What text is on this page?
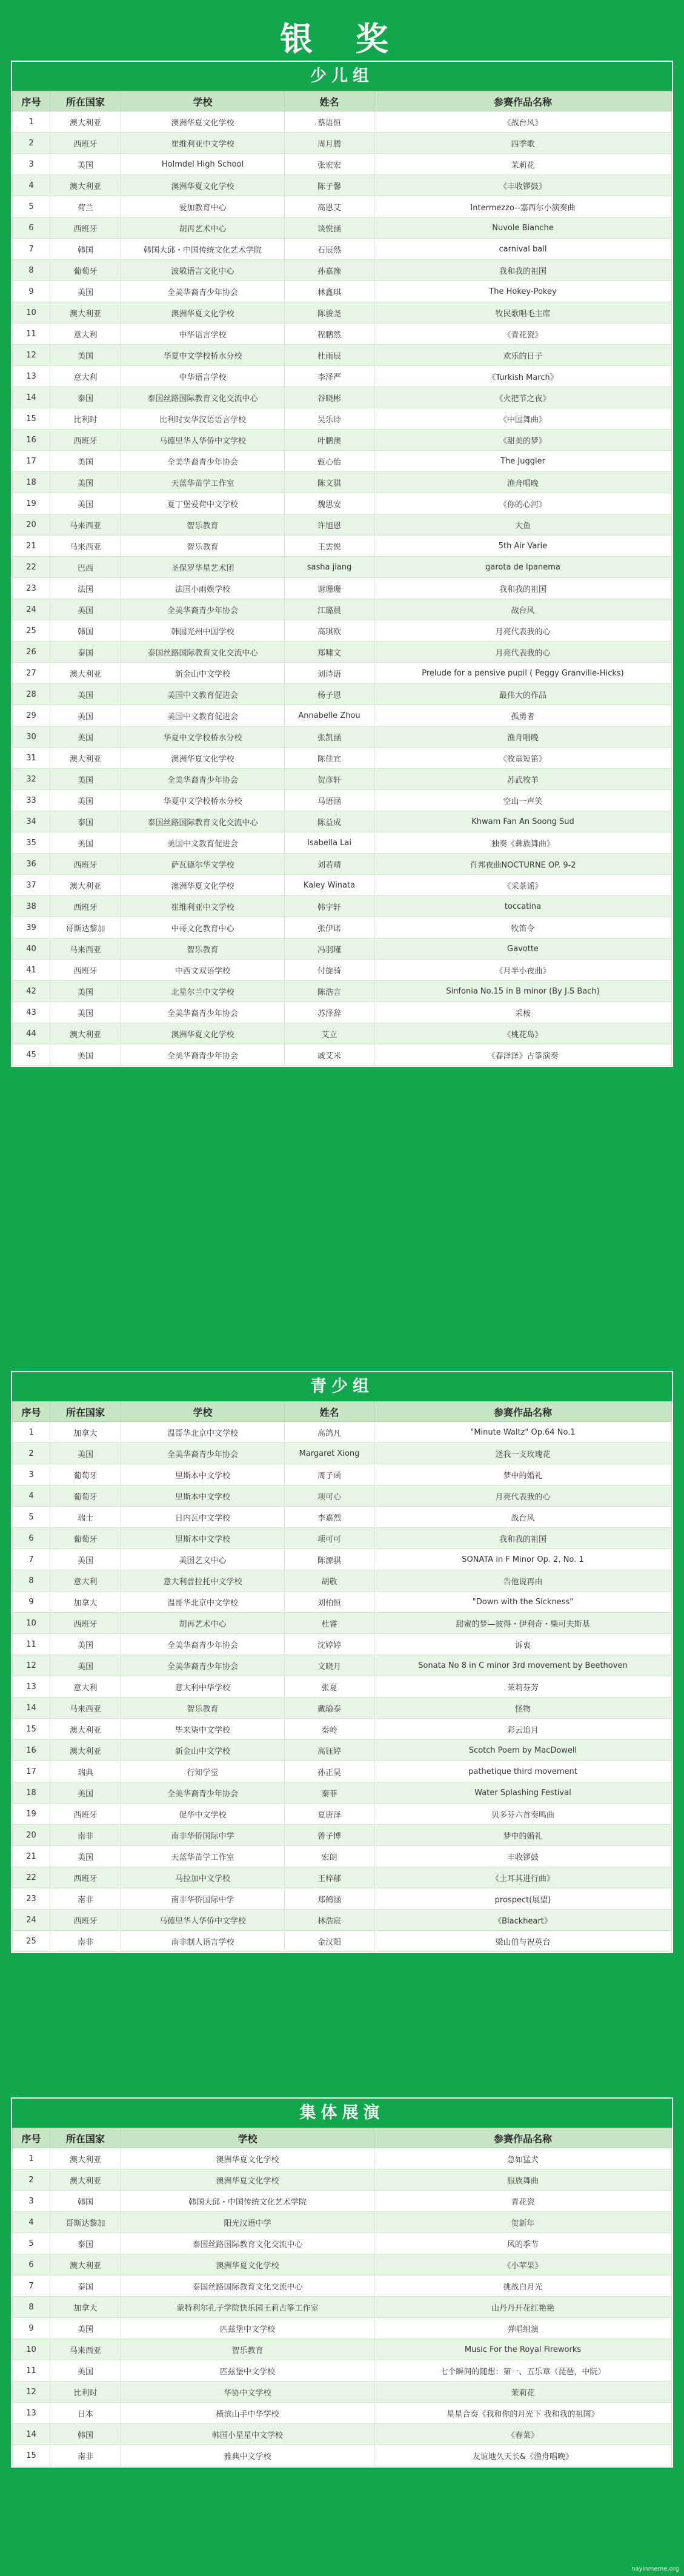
银 奖
少儿组
序号	所在国家	学校	姓名	参赛作品名称
1	澳大利亚	澳洲华夏文化学校	蔡语恒	《战台风》
2	西班牙	崔维利亚中文学校	周月腾	四季歌
3	美国	Holmdel High School	张宏宏	茉莉花
4	澳大利亚	澳洲华夏文化学校	陈子馨	《丰收锣鼓》
5	荷兰	爱加教育中心	高恩艾	Intermezzo--塞西尔小演奏曲
6	西班牙	胡再艺术中心	谈悦涵	Nuvole Bianche
7	韩国	韩国大邱・中国传统文化艺术学院	石辰然	carnival ball
8	葡萄牙	波敬语言文化中心	孙嘉豫	我和我的祖国
9	美国	全美华裔青少年协会	林鑫琪	The Hokey-Pokey
10	澳大利亚	澳洲华夏文化学校	陈骏尧	牧民歌唱毛主席
11	意大利	中华语言学校	程鹏然	《青花瓷》
12	美国	华夏中文学校桥水分校	杜雨辰	欢乐的日子
13	意大利	中华语言学校	李泽严	《Turkish March》
14	泰国	泰国丝路国际教育文化交流中心	谷晓彬	《火把节之夜》
15	比利时	比利时安华汉语语言学校	吴乐诗	《中国舞曲》
16	西班牙	马德里华人华侨中文学校	叶鹏澳	《甜美的梦》
17	美国	全美华裔青少年协会	甄心怡	The Juggler
18	美国	天蓝华苗学工作室	陈文骐	渔舟唱晚
19	美国	夏丁堡爱荷中文学校	魏思安	《你的心河》
20	马来西亚	智乐教育	许旭恩	大鱼
21	马来西亚	智乐教育	王雲悦	5th Air Varie
22	巴西	圣保罗华星艺术团	sasha jiang	garota de Ipanema
23	法国	法国小雨娱学校	谢珊珊	我和我的祖国
24	美国	全美华裔青少年协会	江璐晨	战台风
25	韩国	韩国光州中国学校	高琪欧	月亮代表我的心
26	泰国	泰国丝路国际教育文化交流中心	郑啸文	月亮代表我的心
27	澳大利亚	新金山中文学校	刘诗语	Prelude for a pensive pupil ( Peggy Granville-Hicks)
28	美国	美国中文教育促进会	杨子恩	最伟大的作品
29	美国	美国中文教育促进会	Annabelle Zhou	孤勇者
30	美国	华夏中文学校桥水分校	张凯涵	渔舟唱晚
31	澳大利亚	澳洲华夏文化学校	陈佳宜	《牧童短笛》
32	美国	全美华裔青少年协会	贺彦轩	苏武牧羊
33	美国	华夏中文学校桥水分校	马语涵	空山一声笑
34	泰国	泰国丝路国际教育文化交流中心	陈益成	Khwam Fan An Soong Sud
35	美国	美国中文教育促进会	Isabella Lai	独奏《彝族舞曲》
36	西班牙	萨瓦德尔华文学校	刘若晴	肖邦夜曲NOCTURNE OP. 9-2
37	澳大利亚	澳洲华夏文化学校	Kaley Winata	《采茶谣》
38	西班牙	崔维利亚中文学校	韩宇轩	toccatina
39	哥斯达黎加	中哥文化教育中心	张伊诺	牧笛令
40	马来西亚	智乐教育	冯羽瑾	Gavotte
41	西班牙	中西文双语学校	付旋骑	《月半小夜曲》
42	美国	北星尔兰中文学校	陈浩言	Sinfonia No.15 in B minor (By J.S Bach)
43	美国	全美华裔青少年协会	苏泽辞	采桉
44	澳大利亚	澳洲华夏文化学校	艾立	《桃花岛》
45	美国	全美华裔青少年协会	戚艾米	《春泽泽》古筝演奏
青少组
序号	所在国家	学校	姓名	参赛作品名称
1	加拿大	温哥华北京中文学校	高鸽凡	"Minute Waltz" Op.64 No.1
2	美国	全美华裔青少年协会	Margaret Xiong	送我一支玫瑰花
3	葡萄牙	里斯本中文学校	周子函	梦中的婚礼
4	葡萄牙	里斯本中文学校	项可心	月亮代表我的心
5	瑞士	日内瓦中文学校	李嘉烈	战台风
6	葡萄牙	里斯本中文学校	项可可	我和我的祖国
7	美国	美国艺文中心	陈源骐	SONATA in F Minor Op. 2, No. 1
8	意大利	意大利普拉托中文学校	胡敬	告他说再由
9	加拿大	温哥华北京中文学校	刘柏恒	"Down with the Sickness"
10	西班牙	胡再艺术中心	杜睿	甜蜜的梦—彼得・伊利奇・柴可夫斯基
11	美国	全美华裔青少年协会	沈婷婷	诉衷
12	美国	全美华裔青少年协会	文晓月	Sonata No 8 in C minor 3rd movement by Beethoven
13	意大利	意大利中华学校	张夏	茉莉芬芳
14	马来西亚	智乐教育	戴瑜泰	怪物
15	澳大利亚	毕来柒中文学校	秦岭	彩云追月
16	澳大利亚	新金山中文学校	高钰婷	Scotch Poem by MacDowell
17	瑞典	行知学堂	孙正昊	pathetique third movement
18	美国	全美华裔青少年协会	秦菲	Water Splashing Festival
19	西班牙	促华中文学校	夏唐泽	贝多芬六首奏鸣曲
20	南非	南非华侨国际中学	曾子博	梦中的婚礼
21	美国	天蓝华苗学工作室	宏朗	丰收锣鼓
22	西班牙	马拉加中文学校	王梓郁	《土耳其进行曲》
23	南非	南非华侨国际中学	郑鹤涵	prospect(展望)
24	西班牙	马德里华人华侨中文学校	林浩宸	《Blackheart》
25	南非	南非制人语言学校	金汉阳	梁山伯与祝英台
集体展演
序号	所在国家	学校	参赛作品名称
1	澳大利亚	澳洲华夏文化学校	急如猛犬
2	澳大利亚	澳洲华夏文化学校	服族舞曲
3	韩国	韩国大邱・中国传统文化艺术学院	青花瓷
4	哥斯达黎加	阳光汉语中学	贺新年
5	泰国	泰国丝路国际教育文化交流中心	风的季节
6	澳大利亚	澳洲华夏文化学校	《小苹果》
7	泰国	泰国丝路国际教育文化交流中心	挑战白月光
8	加拿大	蒙特利尔孔子学院快乐园王莉古筝工作室	山丹丹开花红艳艳
9	美国	匹兹堡中文学校	弹唱组演
10	马来西亚	智乐教育	Music For the Royal Fireworks
11	美国	匹兹堡中文学校	七个瞬间的随想：第一、五乐章（琵琶，中阮）
12	比利时	华协中文学校	茉莉花
13	日本	横滨山手中华学校	星星合奏《我和你的月光下 我和我的祖国》
14	韩国	韩国小星星中文学校	《春菜》
15	南非	雅典中文学校	友谊地久天长&《渔舟唱晚》
nayinmeme.org
